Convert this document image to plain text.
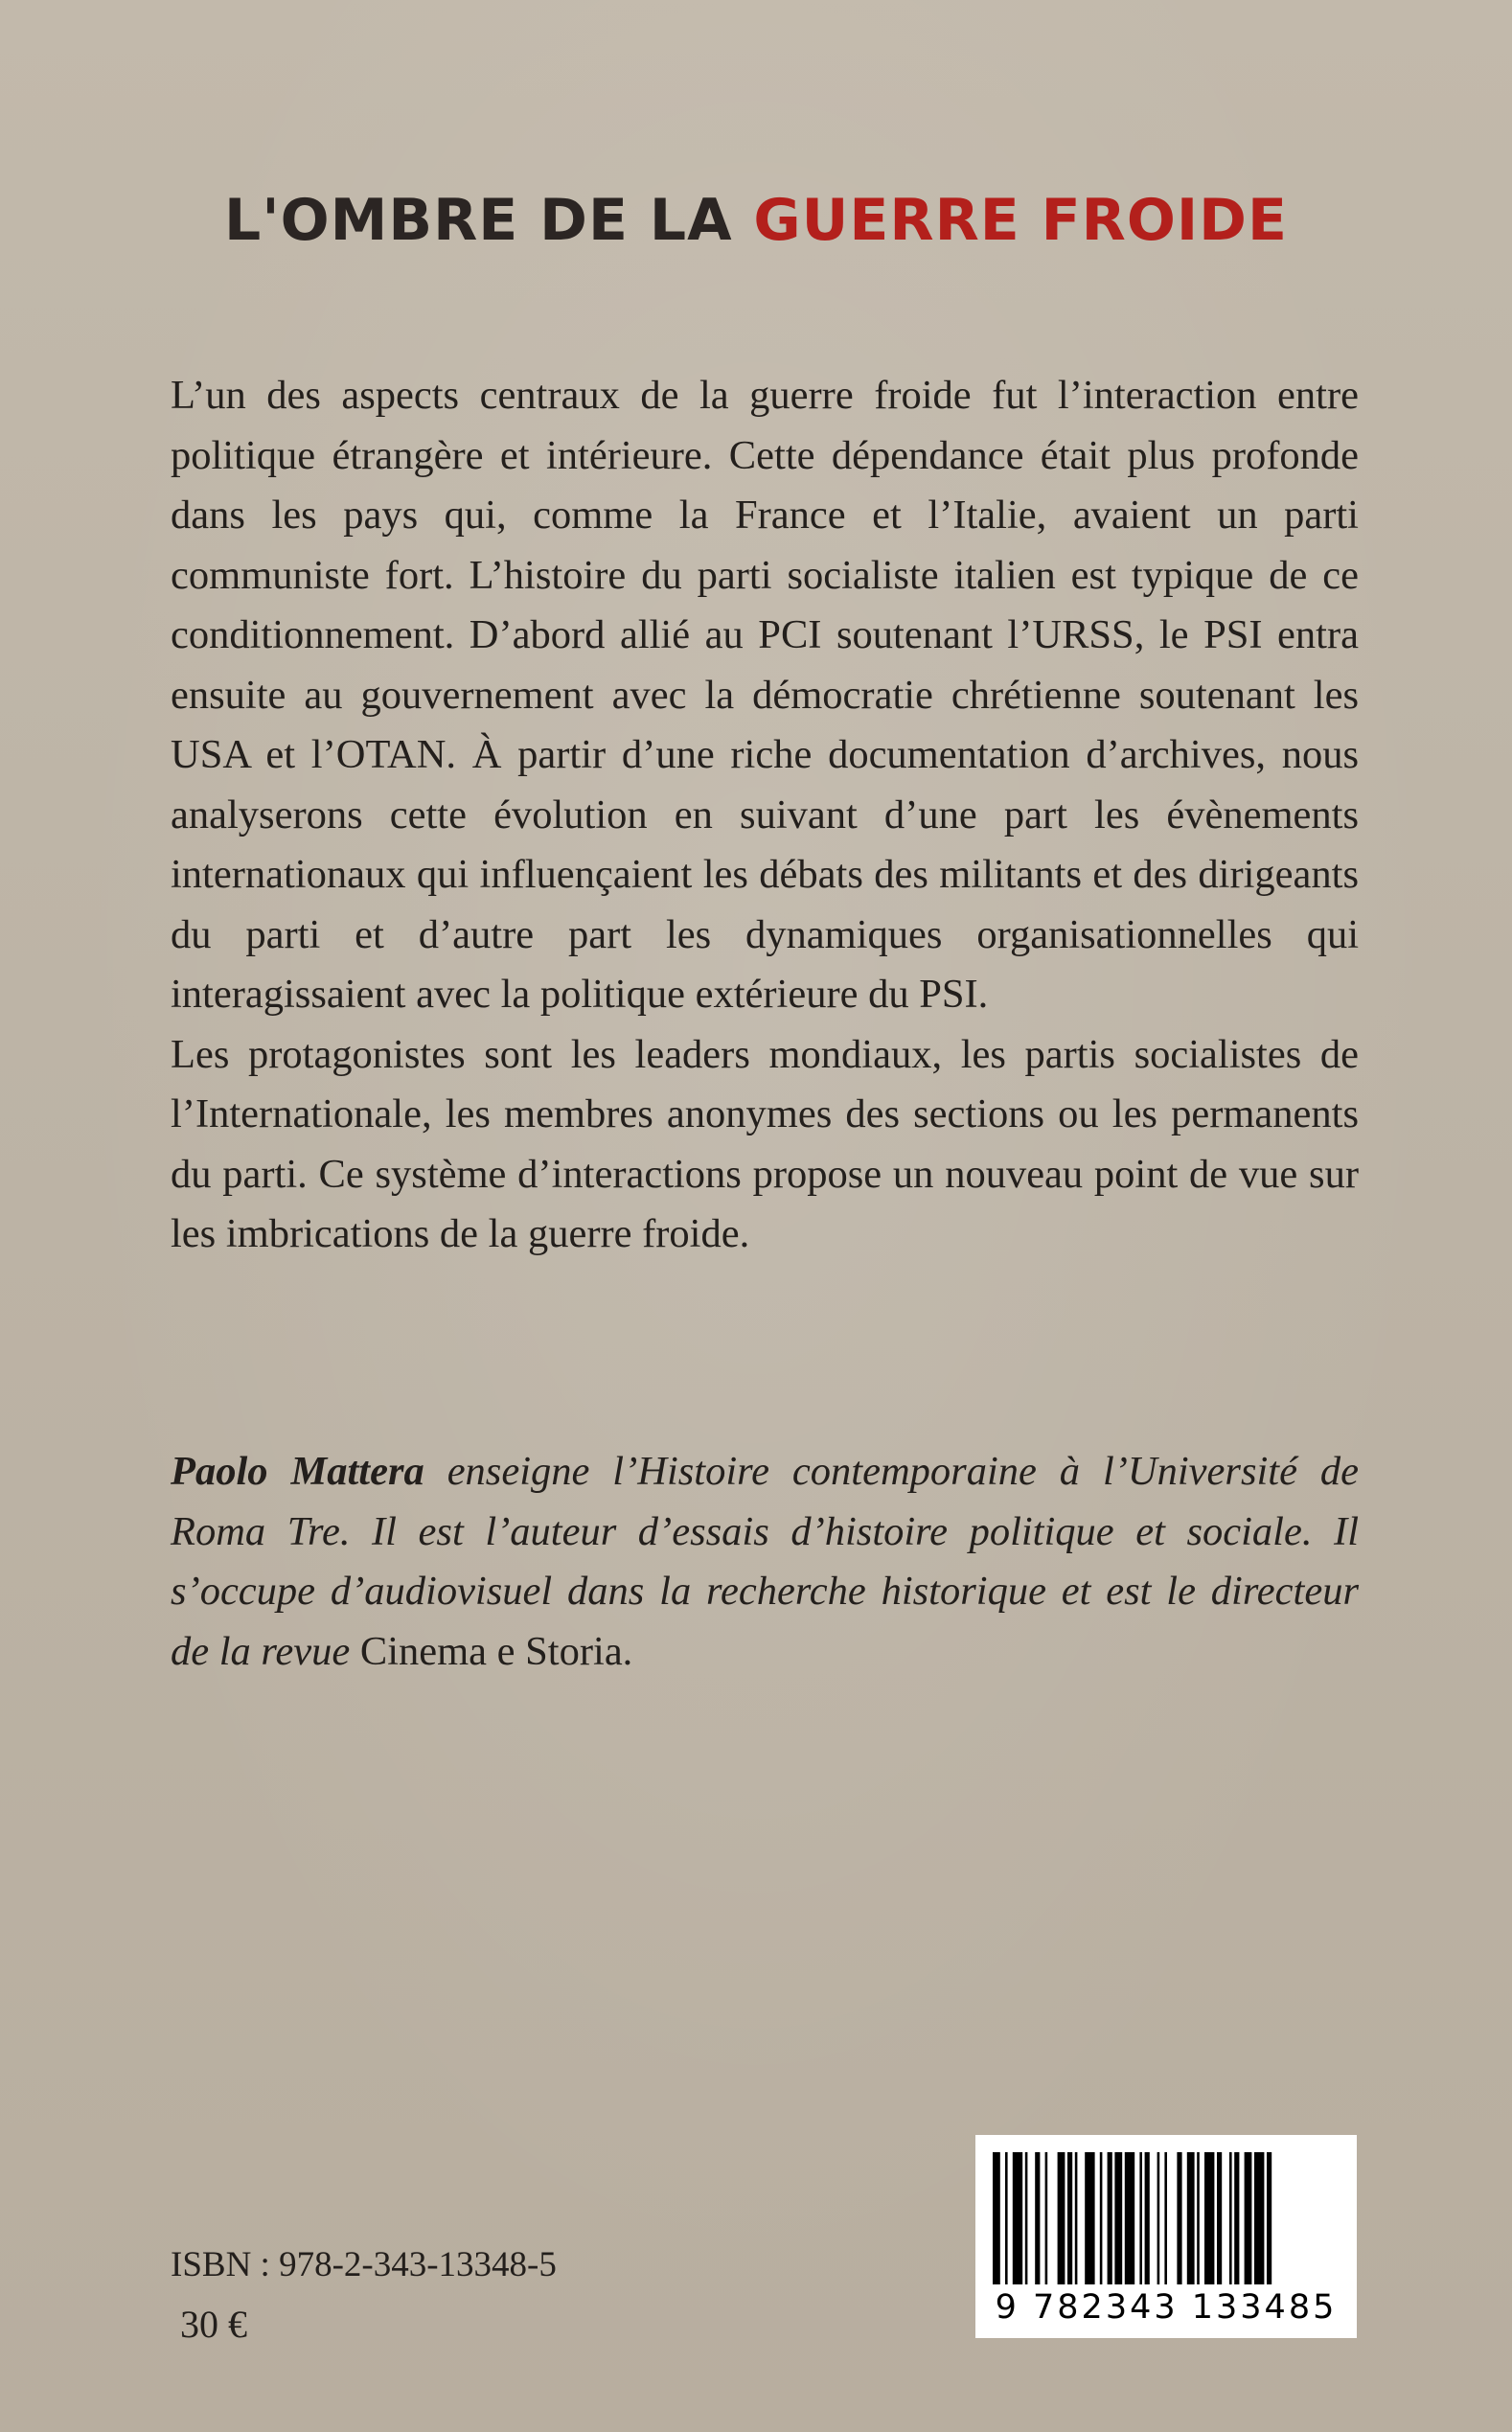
L'OMBRE DE LA GUERRE FROIDE

L’un des aspects centraux de la guerre froide fut l’interaction entre politique étrangère et intérieure. Cette dépendance était plus profonde dans les pays qui, comme la France et l’Italie, avaient un parti communiste fort. L’histoire du parti socialiste italien est typique de ce conditionnement. D’abord allié au PCI soutenant l’URSS, le PSI entra ensuite au gouvernement avec la démocratie chrétienne soutenant les USA et l’OTAN. À partir d’une riche documentation d’archives, nous analyserons cette évolution en suivant d’une part les évènements internationaux qui influençaient les débats des militants et des dirigeants du parti et d’autre part les dynamiques organisationnelles qui interagissaient avec la politique extérieure du PSI.

Les protagonistes sont les leaders mondiaux, les partis socialistes de l’Internationale, les membres anonymes des sections ou les permanents du parti. Ce système d’interactions propose un nouveau point de vue sur les imbrications de la guerre froide.

Paolo Mattera enseigne l’Histoire contemporaine à l’Université de Roma Tre. Il est l’auteur d’essais d’histoire politique et sociale. Il s’occupe d’audiovisuel dans la recherche historique et est le directeur de la revue Cinema e Storia.
ISBN : 978-2-343-13348-5
30 €	9 782343 133485
